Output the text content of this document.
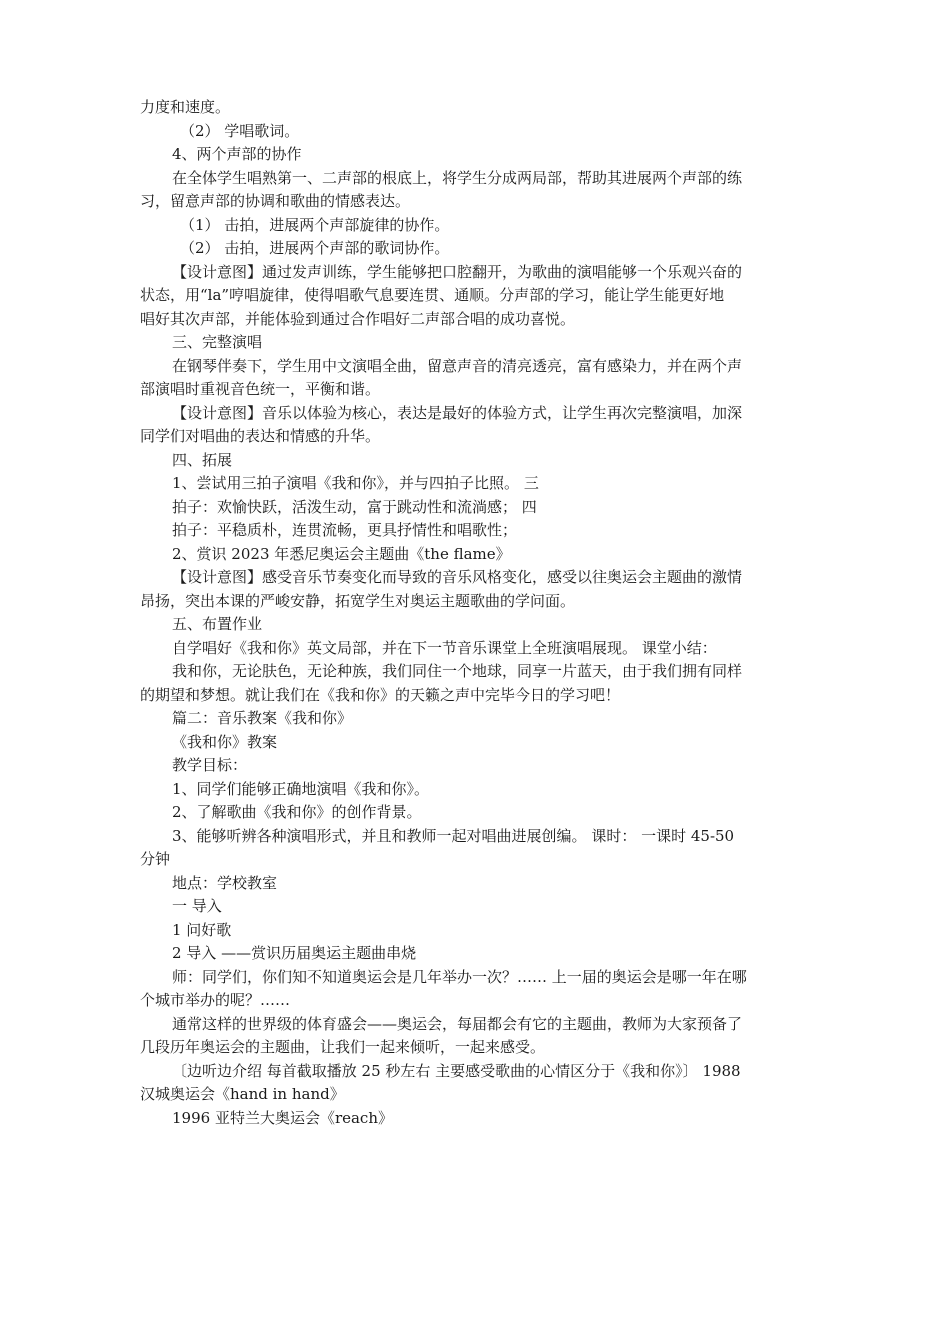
力度和速度。
（2） 学唱歌词。
4、两个声部的协作
在全体学生唱熟第一、二声部的根底上，将学生分成两局部，帮助其进展两个声部的练
习，留意声部的协调和歌曲的情感表达。
（1） 击拍，进展两个声部旋律的协作。
（2） 击拍，进展两个声部的歌词协作。
【设计意图】通过发声训练，学生能够把口腔翻开，为歌曲的演唱能够一个乐观兴奋的
状态，用“la”哼唱旋律，使得唱歌气息要连贯、通顺。分声部的学习，能让学生能更好地
唱好其次声部，并能体验到通过合作唱好二声部合唱的成功喜悦。
三、完整演唱
在钢琴伴奏下，学生用中文演唱全曲，留意声音的清亮透亮，富有感染力，并在两个声
部演唱时重视音色统一，平衡和谐。
【设计意图】音乐以体验为核心，表达是最好的体验方式，让学生再次完整演唱，加深
同学们对唱曲的表达和情感的升华。
四、拓展
1、尝试用三拍子演唱《我和你》，并与四拍子比照。 三
拍子：欢愉快跃，活泼生动，富于跳动性和流淌感； 四
拍子：平稳质朴，连贯流畅，更具抒情性和唱歌性；
2、赏识 2023 年悉尼奥运会主题曲《the flame》
【设计意图】感受音乐节奏变化而导致的音乐风格变化，感受以往奥运会主题曲的激情
昂扬，突出本课的严峻安静，拓宽学生对奥运主题歌曲的学问面。
五、布置作业
自学唱好《我和你》英文局部，并在下一节音乐课堂上全班演唱展现。 课堂小结：
我和你，无论肤色，无论种族，我们同住一个地球，同享一片蓝天，由于我们拥有同样
的期望和梦想。就让我们在《我和你》的天籁之声中完毕今日的学习吧！
篇二：音乐教案《我和你》
《我和你》教案
教学目标：
1、同学们能够正确地演唱《我和你》。
2、了解歌曲《我和你》的创作背景。
3、能够听辨各种演唱形式，并且和教师一起对唱曲进展创编。 课时： 一课时 45-50
分钟
地点：学校教室
一 导入
1 问好歌
2 导入 ——赏识历届奥运主题曲串烧
师：同学们，你们知不知道奥运会是几年举办一次？…… 上一届的奥运会是哪一年在哪
个城市举办的呢？……
通常这样的世界级的体育盛会——奥运会，每届都会有它的主题曲，教师为大家预备了
几段历年奥运会的主题曲，让我们一起来倾听，一起来感受。
〔边听边介绍 每首截取播放 25 秒左右 主要感受歌曲的心情区分于《我和你》〕 1988
汉城奥运会《hand in hand》
1996 亚特兰大奥运会《reach》
